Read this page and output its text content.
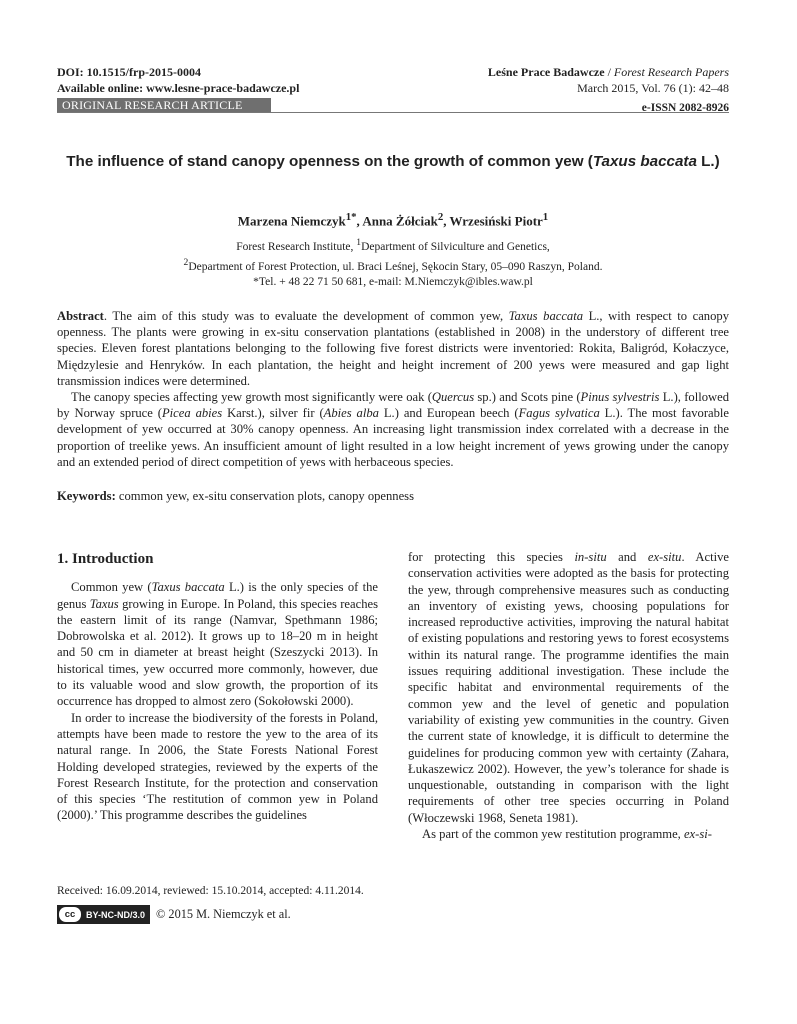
DOI: 10.1515/frp-2015-0004
Available online: www.lesne-prace-badawcze.pl
Leśne Prace Badawcze / Forest Research Papers
March 2015, Vol. 76 (1): 42–48
ORIGINAL RESEARCH ARTICLE	e-ISSN 2082-8926
The influence of stand canopy openness on the growth of common yew (Taxus baccata L.)
Marzena Niemczyk$^{1*}$, Anna Żółciak$^2$, Wrzesiński Piotr$^1$
Forest Research Institute, $^1$Department of Silviculture and Genetics,
$^2$Department of Forest Protection, ul. Braci Leśnej, Sękocin Stary, 05–090 Raszyn, Poland.
*Tel. + 48 22 71 50 681, e-mail: M.Niemczyk@ibles.waw.pl

Abstract. The aim of this study was to evaluate the development of common yew, Taxus baccata L., with respect to canopy openness. The plants were growing in ex-situ conservation plantations (established in 2008) in the understory of different tree species. Eleven forest plantations belonging to the following five forest districts were inventoried: Rokita, Baligród, Kołaczyce, Międzylesie and Henryków. In each plantation, the height and height increment of 200 yews were measured and gap light transmission indices were determined.

The canopy species affecting yew growth most significantly were oak (Quercus sp.) and Scots pine (Pinus sylvestris L.), followed by Norway spruce (Picea abies Karst.), silver fir (Abies alba L.) and European beech (Fagus sylvatica L.). The most favorable development of yew occurred at 30% canopy openness. An increasing light transmission index correlated with a decrease in the proportion of treelike yews. An insufficient amount of light resulted in a low height increment of yews growing under the canopy and an extended period of direct competition of yews with herbaceous species.

Keywords: common yew, ex-situ conservation plots, canopy openness
1. Introduction

Common yew (Taxus baccata L.) is the only species of the genus Taxus growing in Europe. In Poland, this species reaches the eastern limit of its range (Namvar, Spethmann 1986; Dobrowolska et al. 2012). It grows up to 18–20 m in height and 50 cm in diameter at breast height (Szeszycki 2013). In historical times, yew occurred more commonly, however, due to its valuable wood and slow growth, the proportion of its occurrence has dropped to almost zero (Sokołowski 2000).

In order to increase the biodiversity of the forests in Poland, attempts have been made to restore the yew to the area of its natural range. In 2006, the State Forests National Forest Holding developed strategies, reviewed by the experts of the Forest Research Institute, for the protection and conservation of this species ‘The restitution of common yew in Poland (2000).’ This programme describes the guidelines

for protecting this species in-situ and ex-situ. Active conservation activities were adopted as the basis for protecting the yew, through comprehensive measures such as conducting an inventory of existing yews, choosing populations for increased reproductive activities, improving the natural habitat of existing populations and restoring yews to forest ecosystems within its natural range. The programme identifies the main issues requiring additional investigation. These include the specific habitat and environmental requirements of the common yew and the level of genetic and population variability of existing yew communities in the country. Given the current state of knowledge, it is difficult to determine the guidelines for producing common yew with certainty (Zahara, Łukaszewicz 2002). However, the yew’s tolerance for shade is unquestionable, outstanding in comparison with the light requirements of other tree species occurring in Poland (Włoczewski 1968, Seneta 1981).

As part of the common yew restitution programme, ex-si-

Received: 16.09.2014, reviewed: 15.10.2014, accepted: 4.11.2014.
cc	BY-NC-ND/3.0 © 2015 M. Niemczyk et al.
